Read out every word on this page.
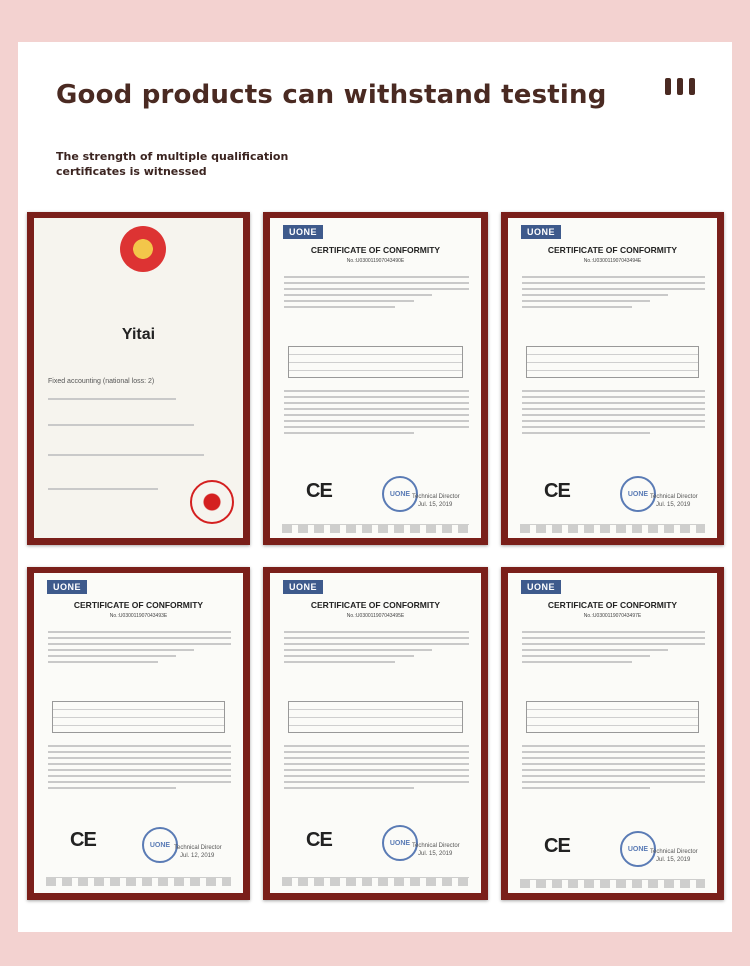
Good products can withstand testing
The strength of multiple qualification certificates is witnessed
Yitai
Fixed accounting (national loss: 2)
UONE
CERTIFICATE OF CONFORMITY
No.:U030011907043490E
CE	UONE Technical Director
Jul. 15, 2019
UONE
CERTIFICATE OF CONFORMITY
No.:U030011907043494E
CE	UONE Technical Director
Jul. 15, 2019
UONE
CERTIFICATE OF CONFORMITY
No.:U030011907043493E
CE	UONE Technical Director
Jul. 12, 2019
UONE
CERTIFICATE OF CONFORMITY
No.:U030011907043495E
CE	UONE Technical Director
Jul. 15, 2019
UONE
CERTIFICATE OF CONFORMITY
No.:U030011907043497E
CE	UONE Technical Director
Jul. 15, 2019
